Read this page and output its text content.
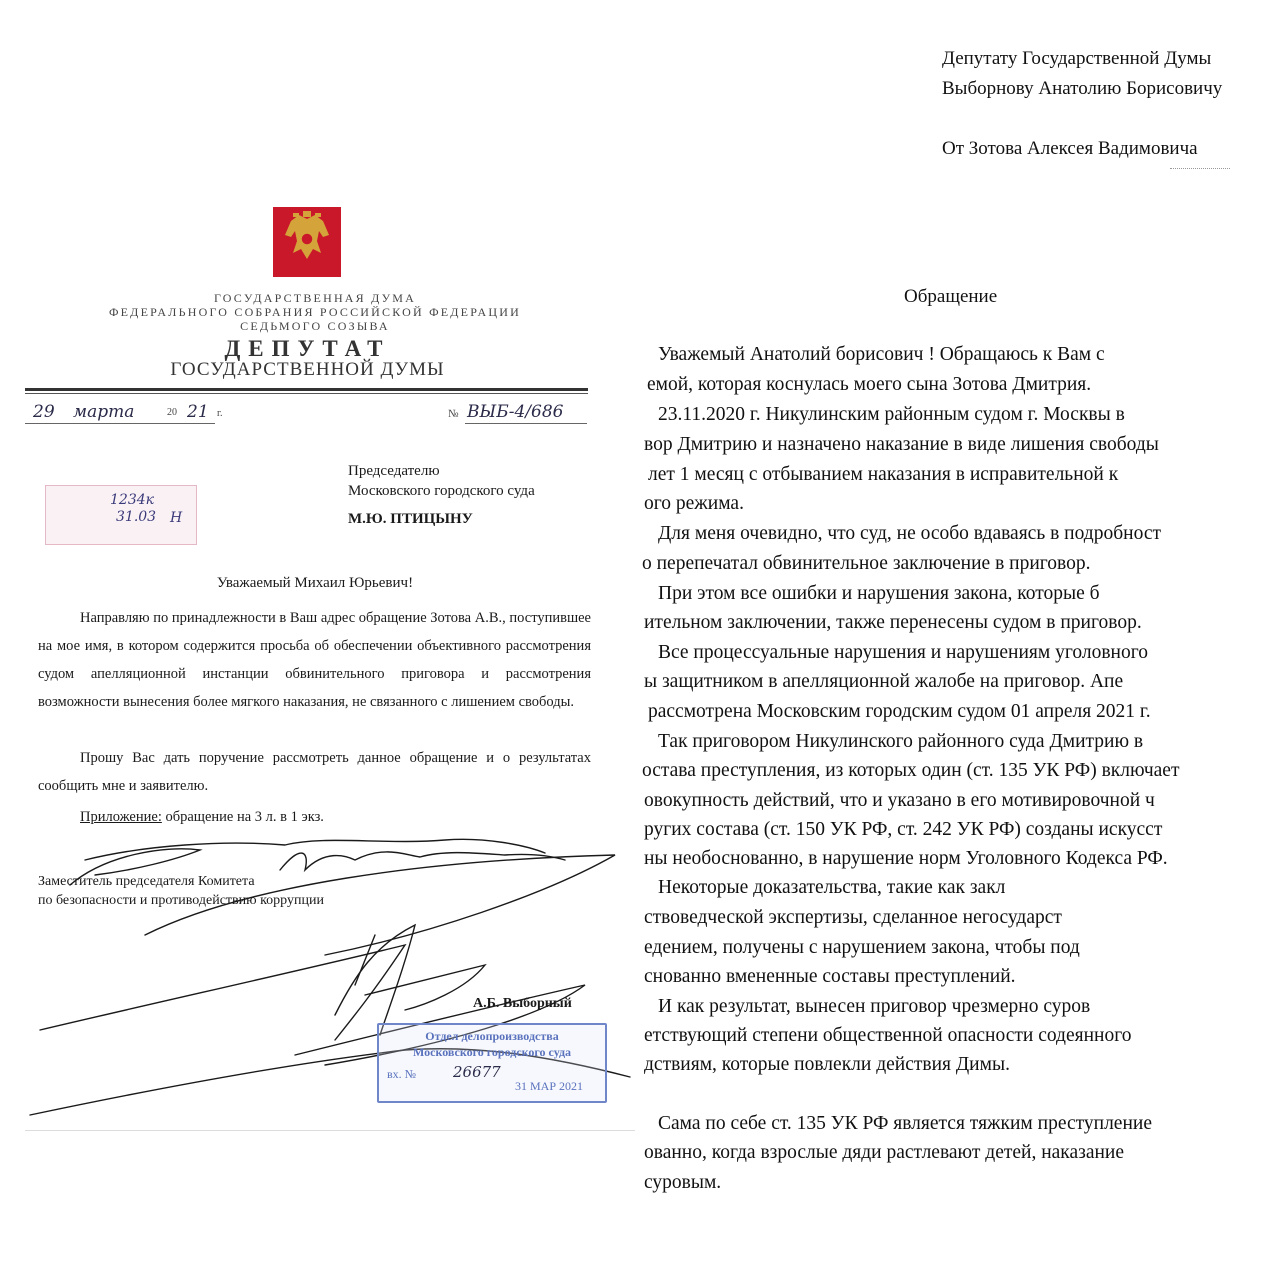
ГОСУДАРСТВЕННАЯ ДУМА
ФЕДЕРАЛЬНОГО СОБРАНИЯ РОССИЙСКОЙ ФЕДЕРАЦИИ
СЕДЬМОГО СОЗЫВА
ДЕПУТАТ
ГОСУДАРСТВЕННОЙ ДУМЫ
29 марта	20 21 г.	№ ВЫБ-4/686
Председателю
Московского городского суда
М.Ю. ПТИЦЫНУ
1234к
31.03 Н
Уважаемый Михаил Юрьевич!
Направляю по принадлежности в Ваш адрес обращение Зотова А.В., поступившее на мое имя, в котором содержится просьба об обеспечении объективного рассмотрения судом апелляционной инстанции обвинительного приговора и рассмотрения возможности вынесения более мягкого наказания, не связанного с лишением свободы.
Прошу Вас дать поручение рассмотреть данное обращение и о результатах сообщить мне и заявителю.
Приложение: обращение на 3 л. в 1 экз.
Заместитель председателя Комитета
по безопасности и противодействию коррупции
А.Б. Выборный
Отдел делопроизводства
Московского городского суда
вх. № 26677
31 МАР 2021
Депутату Государственной Думы
Выборнову Анатолию Борисовичу
От Зотова Алексея Вадимовича
Обращение
Уважемый Анатолий борисович ! Обращаюсь к Вам с
емой, которая коснулась моего сына Зотова Дмитрия.
23.11.2020 г. Никулинским районным судом г. Москвы в
вор Дмитрию и назначено наказание в виде лишения свободы
лет 1 месяц с отбыванием наказания в исправительной к
ого режима.
Для меня очевидно, что суд, не особо вдаваясь в подробност
о перепечатал обвинительное заключение в приговор.
При этом все ошибки и нарушения закона, которые б
ительном заключении, также перенесены судом в приговор.
Все процессуальные нарушения и нарушениям уголовного
ы защитником в апелляционной жалобе на приговор. Апе
рассмотрена Московским городским судом 01 апреля 2021 г.
Так приговором Никулинского районного суда Дмитрию в
остава преступления, из которых один (ст. 135 УК РФ) включает
овокупность действий, что и указано в его мотивировочной ч
ругих состава (ст. 150 УК РФ, ст. 242 УК РФ) созданы искусст
ны необоснованно, в нарушение норм Уголовного Кодекса РФ.
Некоторые доказательства, такие как закл
ствоведческой экспертизы, сделанное негосударст
едением, получены с нарушением закона, чтобы под
снованно вмененные составы преступлений.
И как результат, вынесен приговор чрезмерно суров
етствующий степени общественной опасности содеянного
дствиям, которые повлекли действия Димы.
Сама по себе ст. 135 УК РФ является тяжким преступление
ованно, когда взрослые дяди растлевают детей, наказание
суровым.
